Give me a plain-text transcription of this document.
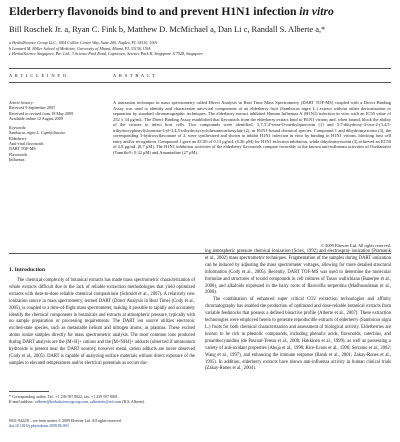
Elderberry flavonoids bind to and prevent H1N1 infection in vitro
Bill Roschek Jr. a, Ryan C. Fink b, Matthew D. McMichael a, Dan Li c, Randall S. Alberte a,*
a HerbalScience Group LLC, 1004 Collier Center Way, Suite 200, Naples, FL 34110, USA
b Leonard M. Miller School of Medicine, University of Miami, Miami, FL 33136, USA
c HerbalScience Singapore, Pte. Ltd., 3 Science Park Road, Capricorn, Science Park II, Singapore 117528, Singapore
A R T I C L E I N F O	A B S T R A C T
Article history:
Received 9 September 2007
Received in revised form 18 May 2009
Available online 12 August 2009
Keywords:
Sambucus nigra L. Caprifoliaceae
Elderberry
Anti-viral flavonoids
DART TOF-MS
Flavonoids
Influenza

A ionization technique in mass spectrometry called Direct Analysis in Real Time Mass Spectrometry (DART TOF-MS) coupled with a Direct Binding Assay was used to identify and characterize anti-viral components of an elderberry fruit (Sambucus nigra L.) extract without either derivatization or separation by standard chromatographic techniques. The elderberry extract inhibited Human Influenza A (H1N1) infection in vitro with an IC50 value of 252 ± 34 μg/mL. The Direct Binding Assay established that flavonoids from the elderberry extract bind to H1N1 virions and, when bound, block the ability of the viruses to infect host cells. Two compounds were identified, 5,7,3',4'-tetra-O-methylquercetin (1) and 5,7-dihydroxy-4-oxo-2-(3,4,5-trihydroxyphenyl)chroman-3-yl-3,4,5-trihydroxycyclohexanecarboxylate (2), as H1N1-bound chemical species. Compound 1 and dihydromyricetin (3), the corresponding 3-hydroxyflavonone of 2, were synthesized and shown to inhibit H1N1 infection in vitro by binding to H1N1 virions, blocking host cell entry and/or recognition. Compound 1 gave an EC50 of 0.13 μg/mL (0.36 μM) for H1N1 infection inhibition, while dihydromyricetin (3) achieved an EC50 of 2.8 μg/mL (8.7 μM). The H1N1 inhibition activities of the elderberry flavonoids compare favorably to the known anti-influenza activities of Oseltamivir (Tamiflu®; 0.32 μM) and Amantadine (27 μM).

© 2009 Elsevier Ltd. All rights reserved.
1. Introduction

The chemical complexity of botanical extracts has made mass spectrometric characterization of whole extracts difficult due to the lack of reliable extraction methodologies that yield optimized extracts with dose-to-dose reliable chemical compositions (Schmidt et al., 2007). A relatively new ionization source in mass spectrometry, termed DART (Direct Analysis in Real Time) (Cody et al., 2005), is coupled to a time-of-flight mass spectrometer, making it possible to rapidly and accurately identify the chemical components in botanicals and extracts at atmospheric pressure, typically with no sample preparation or processing requirements. The DART ion source utilizes electronic excited-state species, such as metastable helium and nitrogen atoms, as plasmas. These excited atoms ionize samples directly for mass spectrometric analysis. The most common ions produced during DART analysis are the [M+H]+ cations and the [M+NH4]+ adducts (observed if ammonium hydroxide is present near the DART source); however metal, cation adducts are never observed (Cody et al., 2005). DART is capable of analyzing surface materials without direct exposure of the samples to elevated temperatures and/or electrical potentials as occurs dur-

ing atmospheric pressure chemical ionization (Sciex, 1992) and electrospray ionization (Pramanik et al., 2002) mass spectrometric techniques. Fragmentation of the samples during DART ionization can be induced by adjusting the mass spectrometer voltages, allowing for more detailed structural information (Cody et al., 2005). Recently, DART TOF-MS was used to determine the molecular formulae and structures of toxoid compounds in cell cultures of Taxus wallichiana (Banerjee et al., 2008), and alkaloids expressed in the hairy roots of Rauvolfia serpentina (Madhusudanan et al., 2008).

The combination of enhanced super critical CO2 extraction technologies and affinity chromatography has enabled the production of optimized and dose-reliable botanical extracts from variable feedstocks that possess a defined bioactive profile (Alberte et al., 2007). These extraction technologies were employed herein to generate reproducible extracts of elderberry (Sambucus nigra L.) fruits for both chemical characterization and assessment of biological activity. Elderberries are known to be rich in phenolic compounds, including phenolic acids, flavonoids, catechins, and proanthocyanidins (de Pascual-Teresa et al., 2000; Hakkinen et al., 1999), as well as possessing a variety of anti-oxidant properties (Abuja et al., 1998; Rice-Evans et al., 1996; Serraino et al., 2002; Wang et al., 1997), and enhancing the immune response (Barak et al., 2001; Zakay-Rones et al., 1995). In addition, elderberry extracts have shown anti-influenza activity in human clinical trials (Zakay-Rones et al., 2004).

* Corresponding author. Tel.: +1 239 597 8822; fax: +1 239 597 8001.
E-mail address: ralberte@herbalsciencegroup.com, ralbertefo@aol.com (R.S. Alberte).
0031-9422/$ – see front matter © 2009 Elsevier Ltd. All rights reserved.
doi:10.1016/j.phytochem.2009.06.003
